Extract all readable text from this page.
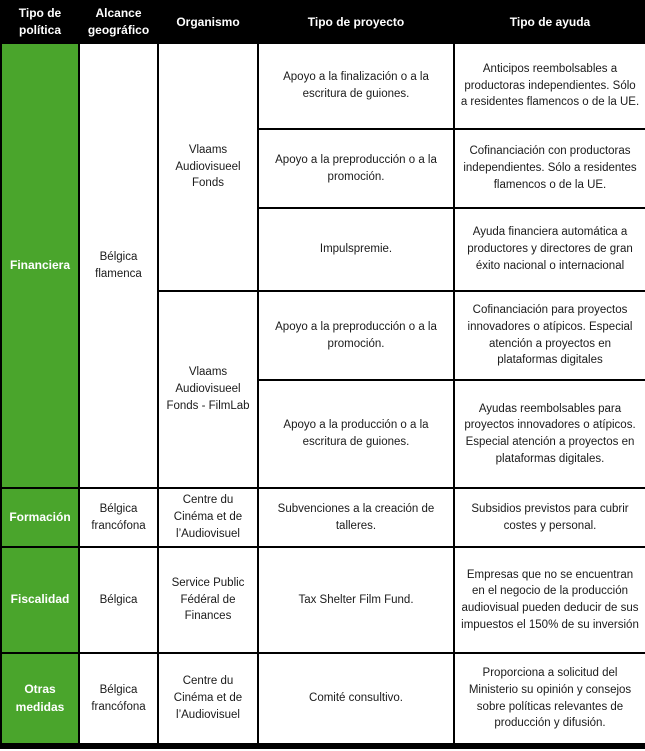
Tipo de política	Alcance geográfico	Organismo	Tipo de proyecto	Tipo de ayuda
Financiera	Bélgica flamenca	Vlaams Audiovisueel Fonds	Apoyo a la finalización o a la escritura de guiones.	Anticipos reembolsables a productoras independientes. Sólo a residentes flamencos o de la UE.
			Apoyo a la preproducción o a la promoción.	Cofinanciación con productoras independientes. Sólo a residentes flamencos o de la UE.
			Impulspremie.	Ayuda financiera automática a productores y directores de gran éxito nacional o internacional
		Vlaams Audiovisueel Fonds - FilmLab	Apoyo a la preproducción o a la promoción.	Cofinanciación para proyectos innovadores o atípicos. Especial atención a proyectos en plataformas digitales
			Apoyo a la producción o a la escritura de guiones.	Ayudas reembolsables para proyectos innovadores o atípicos. Especial atención a proyectos en plataformas digitales.
Formación	Bélgica francófona	Centre du Cinéma et de l’Audiovisuel	Subvenciones a la creación de talleres.	Subsidios previstos para cubrir costes y personal.
Fiscalidad	Bélgica	Service Public Fédéral de Finances	Tax Shelter Film Fund.	Empresas que no se encuentran en el negocio de la producción audiovisual pueden deducir de sus impuestos el 150% de su inversión
Otras medidas	Bélgica francófona	Centre du Cinéma et de l’Audiovisuel	Comité consultivo.	Proporciona a solicitud del Ministerio su opinión y consejos sobre políticas relevantes de producción y difusión.
